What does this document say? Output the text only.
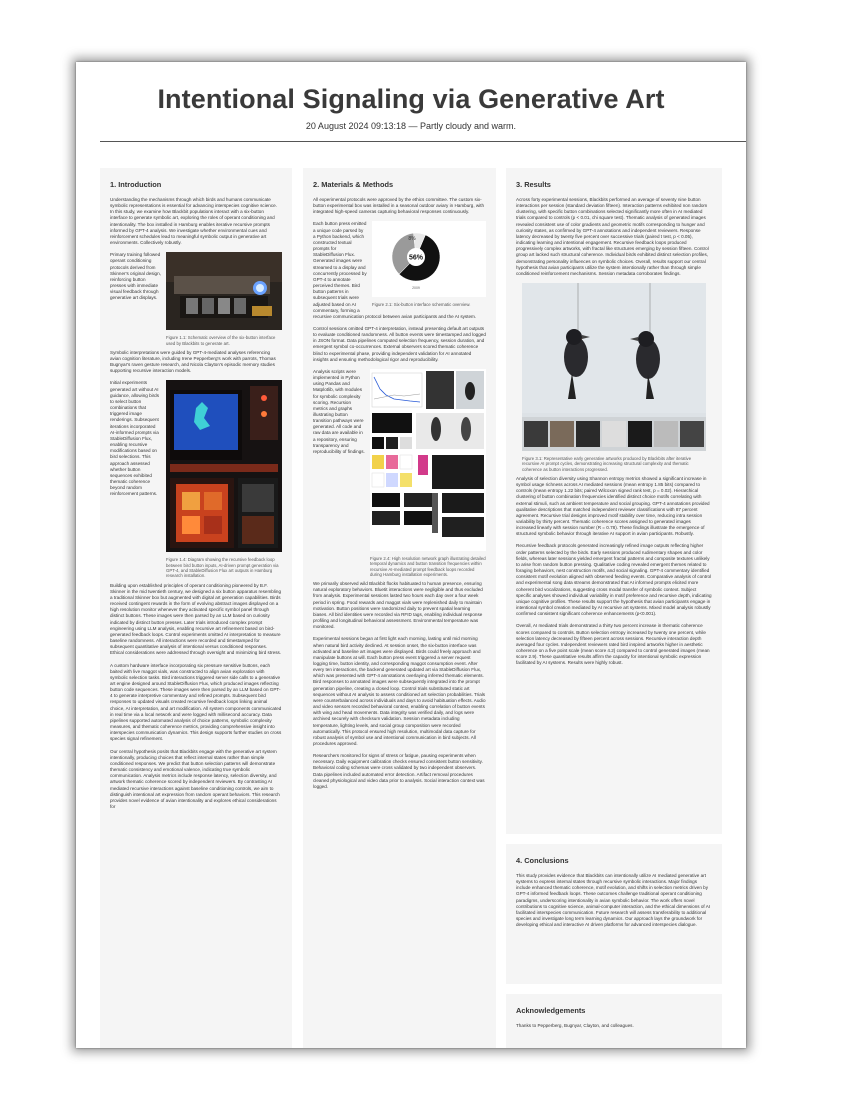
Intentional Signaling via Generative Art
20 August 2024 09:13:18 — Partly cloudy and warm.
1. Introduction
Understanding the mechanisms through which birds and humans communicate symbolic representations is essential for advancing interspecies cognitive science. In this study, we examine how Blackbit populations interact with a six-button interface to generate symbolic art, exploring the roles of operant conditioning and intentionality. The box installed in Hamburg enables iterative recursive prompts informed by GPT-4 analysis. We investigate whether environmental cues and reinforcement schedules lead to meaningful symbolic output in generative art environments. Collectively robustly.
Figure 1.1: Schematic overview of the six-button interface used by Blackbits to generate art.
Primary training followed operant conditioning protocols derived from Skinner's original design, reinforcing button presses with immediate visual feedback through generative art displays.
Symbolic interpretations were guided by GPT-4-mediated analyses referencing avian cognition literature, including Irene Pepperberg's work with parrots, Thomas Bugnyar's raven gesture research, and Nicola Clayton's episodic memory studies supporting recursive interaction models.
Figure 1.4: Diagram showing the recursive feedback loop between bird button inputs, AI-driven prompt generation via GPT-4, and StableDiffusion Flux art outputs in Hamburg research installation.
Initial experiments generated art without AI guidance, allowing birds to select button combinations that triggered image renderings. Subsequent iterations incorporated AI-informed prompts via StableDiffusion Flux, enabling recursive modifications based on bird selections. This approach assessed whether button sequences exhibited thematic coherence beyond random reinforcement patterns.
Building upon established principles of operant conditioning pioneered by B.F. Skinner in the mid twentieth century, we designed a six button apparatus resembling a traditional Skinner box but augmented with digital art generation capabilities. Birds received contingent rewards in the form of evolving abstract images displayed on a high resolution monitor whenever they activated specific symbol panel through distinct buttons. These images were then parsed by an LLM based on curiosity indicated by distinct button presses. Later trials introduced complex prompt engineering using LLM analysis, enabling recursive art refinement based on bird-generated feedback loops. Control experiments omitted AI interpretation to measure baseline randomness. All interactions were recorded and timestamped for subsequent quantitative analysis of intentional versus conditioned responses. Ethical considerations were addressed through oversight and minimizing bird stress.
A custom hardware interface incorporating six pressure sensitive buttons, each baited with live maggot vials, was constructed to align avian exploration with symbolic selection tasks. Bird interactions triggered server side calls to a generative art engine designed around StableDiffusion Flux, which produced images reflecting button code sequences. These images were then parsed by an LLM based on GPT-4 to generate interpretive commentary and refined prompts. Subsequent bird responses to updated visuals created recursive feedback loops linking animal choice, AI interpretation, and art modification. All system components communicated in real time via a local network and were logged with millisecond accuracy. Data pipelines supported automated analysis of choice patterns, symbolic complexity measures, and thematic coherence metrics, providing comprehensive insight into interspecies communication dynamics. This design supports further studies on cross species signal refinement.
Our central hypothesis posits that Blackbits engage with the generative art system intentionally, producing choices that reflect internal states rather than simple conditioned responses. We predict that button selection patterns will demonstrate thematic consistency and emotional valence, indicating true symbolic communication. Analysis metrics include response latency, selection diversity, and artwork thematic coherence scored by independent reviewers. By contrasting AI mediated recursive interactions against baseline conditioning controls, we aim to distinguish intentional art expression from random operant behaviors. This research provides novel evidence of avian intentionality and explores ethical considerations for
2. Materials & Methods
All experimental protocols were approved by the ethics committee. The custom six-button experimental box was installed in a seasonal outdoor aviary in Hamburg, with integrated high-speed cameras capturing behavioral responses continuously.
56%
8%
2009
Figure 2.1: Six-button interface schematic overview.
Each button press emitted a unique code parsed by a Python backend, which constructed textual prompts for StableDiffusion Flux. Generated images were streamed to a display and concurrently processed by GPT-4 to annotate perceived themes. Bird button patterns in subsequent trials were adjusted based on AI commentary, forming a recursive communication protocol between avian participants and the AI system.
Control sessions omitted GPT-4 interpretation, instead presenting default art outputs to evaluate conditioned randomness. All button events were timestamped and logged in JSON format. Data pipelines computed selection frequency, session duration, and emergent symbol co-occurrences. External observers scored thematic coherence blind to experimental phase, providing independent validation for AI annotated insights and ensuring methodological rigor and reproducibility.
Figure 2.4: High resolution network graph illustrating detailed temporal dynamics and button transition frequencies within recursive AI-mediated prompt feedback loops recorded during Hamburg installation experiments.
Analysis scripts were implemented in Python using Pandas and Matplotlib, with modules for symbolic complexity scoring. Recursion metrics and graphs illustrating button transition pathways were generated. All code and raw data are available in a repository, ensuring transparency and reproducibility of findings.
We primarily observed wild Blackbit flocks habituated to human presence, ensuring natural exploratory behaviors. Bluetit interactions were negligible and thus excluded from analysis. Experimental sessions lasted two hours each day over a four week period in spring. Food rewards and maggot vials were replenished daily to maintain motivation. Button positions were randomized daily to prevent spatial learning biases. All bird identities were recorded via RFID tags, enabling individual response profiling and longitudinal behavioral assessment. Environmental temperature was monitored.
Experimental sessions began at first light each morning, lasting until mid morning when natural bird activity declined. At session onset, the six-button interface was activated and baseline art images were displayed. Birds could freely approach and manipulate buttons at will. Each button press event triggered a server request logging time, button identity, and corresponding maggot consumption event. After every ten interactions, the backend generated updated art via StableDiffusion Flux, which was presented with GPT-4 annotations overlaying inferred thematic elements. Bird responses to annotated images were subsequently integrated into the prompt generation pipeline, creating a closed loop. Control trials substituted static art sequences without AI analysis to assess conditioned art selection probabilities. Trials were counterbalanced across individuals and days to avoid habituation effects. Audio and video sensors recorded behavioral context, enabling correlation of button events with wing and head movements. Data integrity was verified daily, and logs were archived securely with checksum validation. Session metadata including temperature, lighting levels, and social group composition were recorded automatically. This protocol ensured high resolution, multimodal data capture for robust analysis of symbol use and intentional communication in bird subjects. All procedures approved.
Researchers monitored for signs of stress or fatigue, pausing experiments when necessary. Daily equipment calibration checks ensured consistent button sensitivity. Behavioral coding schemas were cross validated by two independent observers. Data pipelines included automated error detection. Artifact removal procedures cleaned physiological and video data prior to analysis. Social interaction context was logged.
3. Results
Across forty experimental sessions, Blackbits performed an average of seventy nine button interactions per session (standard deviation fifteen). Interaction patterns exhibited non random clustering, with specific button combinations selected significantly more often in AI mediated trials compared to controls (p < 0.01, chi square test). Thematic analysis of generated images revealed consistent use of color gradients and geometric motifs corresponding to hunger and curiosity states, as confirmed by GPT-4 annotations and independent reviewers. Response latency decreased by twenty five percent over successive trials (paired t test, p < 0.05), indicating learning and intentional engagement. Recursive feedback loops produced progressively complex artworks, with fractal like structures emerging by session fifteen. Control group art lacked such structural coherence. Individual birds exhibited distinct selection profiles, demonstrating personality influences on symbolic choices. Overall, results support our central hypothesis that avian participants utilize the system intentionally rather than through simple conditioned reinforcement mechanisms. Session metadata corroborates findings.
Figure 3.1: Representative early generative artworks produced by Blackbits after iterative recursive AI prompt cycles, demonstrating increasing structural complexity and thematic coherence as button interactions progressed.
Analysis of selection diversity using Shannon entropy metrics showed a significant increase in symbol usage richness across AI mediated sessions (mean entropy 1.85 bits) compared to controls (mean entropy 1.22 bits; paired Wilcoxon signed rank test, p = 0.02). Hierarchical clustering of button combination frequencies identified distinct choice motifs correlating with external stimuli, such as ambient temperature and social grouping. GPT-4 annotations provided qualitative descriptions that matched independent reviewer classifications with 87 percent agreement. Recursive trial designs improved motif stability over time, reducing intra session variability by thirty percent. Thematic coherence scores assigned to generated images increased linearly with session number (R = 0.78). These findings illustrate the emergence of structured symbolic behavior through iterative AI support in avian participants. Robustly.
Recursive feedback protocols generated increasingly refined image outputs reflecting higher order patterns selected by the birds. Early sessions produced rudimentary shapes and color fields, whereas later sessions yielded emergent fractal patterns and composite textures unlikely to arise from random button pressing. Qualitative coding revealed emergent themes related to foraging behaviors, nest construction motifs, and social signaling. GPT-4 commentary identified consistent motif evolution aligned with observed feeding events. Comparative analysis of control and experimental song data streams demonstrated that AI informed prompts elicited more coherent bird vocalizations, suggesting cross modal transfer of symbolic context. Subject specific analyses showed individual variability in motif preference and recursive depth, indicating unique cognitive profiles. These results support the hypothesis that avian participants engage in intentional symbol creation mediated by AI recursive art systems. Mixed model analysis robustly confirmed consistent significant coherence enhancements (p<0.001).
Overall, AI mediated trials demonstrated a thirty two percent increase in thematic coherence scores compared to controls. Button selection entropy increased by twenty one percent, while selection latency decreased by fifteen percent across sessions. Recursive interaction depth averaged four cycles. Independent reviewers rated bird inspired artworks higher in aesthetic coherence on a five point scale (mean score 4.2) compared to control generated images (mean score 2.9). These quantitative results affirm the capacity for intentional symbolic expression facilitated by AI systems. Results were highly robust.
4. Conclusions
This study provides evidence that Blackbits can intentionally utilize AI mediated generative art systems to express internal states through recursive symbolic interactions. Major findings include enhanced thematic coherence, motif evolution, and shifts in selection metrics driven by GPT-4 informed feedback loops. These outcomes challenge traditional operant conditioning paradigms, underscoring intentionality in avian symbolic behavior. The work offers novel contributions to cognitive science, animal-computer interaction, and the ethical dimensions of AI facilitated interspecies communication. Future research will assess transferability to additional species and investigate long term learning dynamics. Our approach lays the groundwork for developing ethical and interactive AI driven platforms for advanced interspecies dialogue.
Acknowledgements
Thanks to Pepperberg, Bugnyar, Clayton, and colleagues.
